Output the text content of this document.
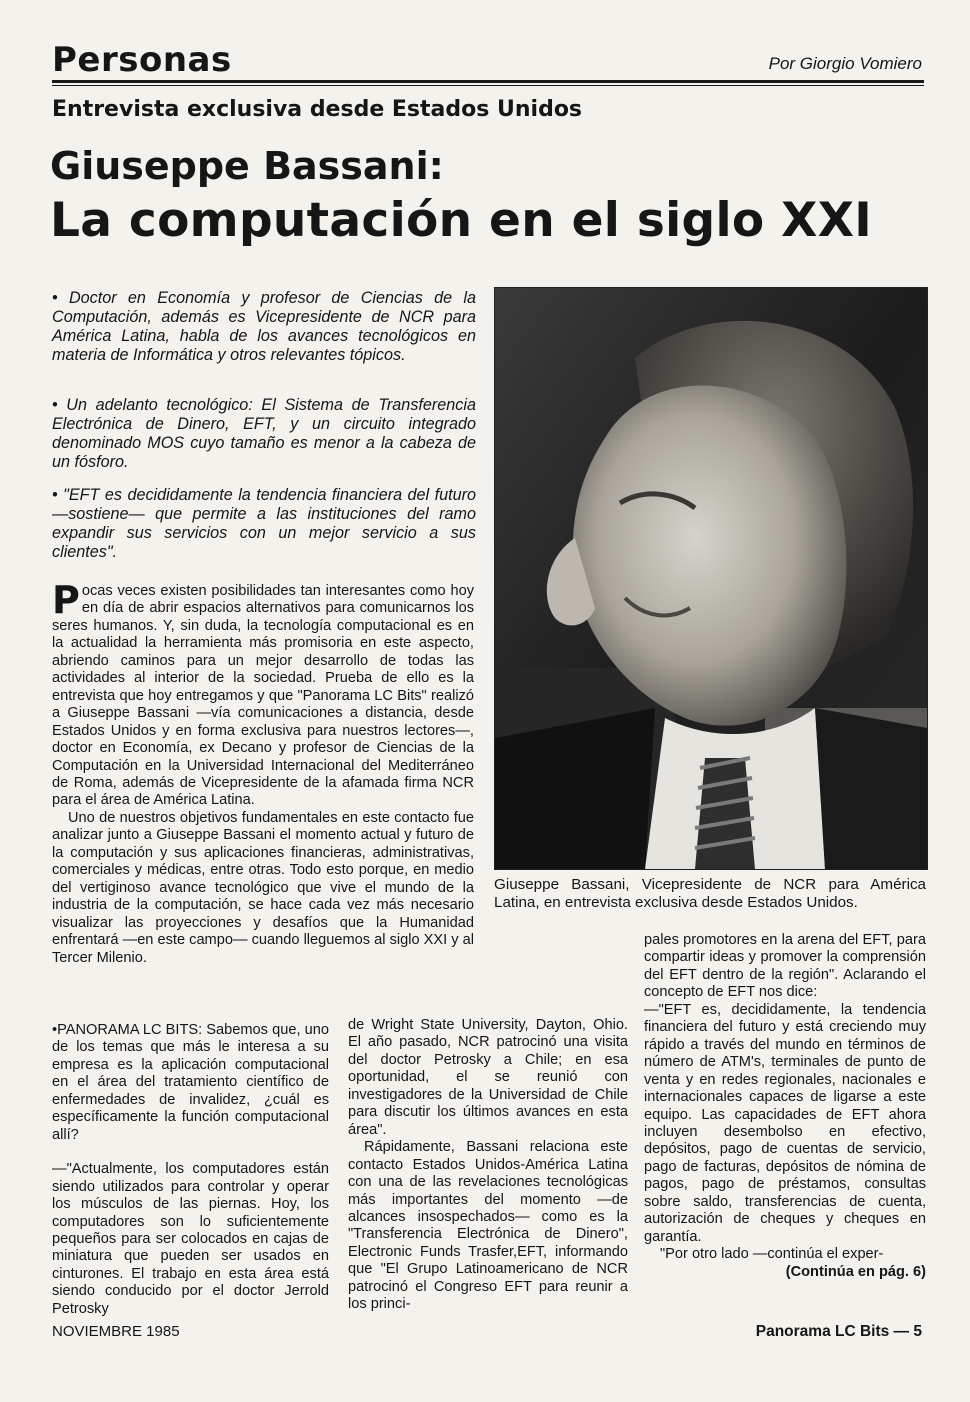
Personas	Por Giorgio Vomiero
Entrevista exclusiva desde Estados Unidos
Giuseppe Bassani:
La computación en el siglo XXI

• Doctor en Economía y profesor de Ciencias de la Computación, además es Vicepresidente de NCR para América Latina, habla de los avances tecnológicos en materia de Informática y otros relevantes tópicos.

• Un adelanto tecnológico: El Sistema de Transferencia Electrónica de Dinero, EFT, y un circuito integrado denominado MOS cuyo tamaño es menor a la cabeza de un fósforo.

• "EFT es decididamente la tendencia financiera del futuro —sostiene— que permite a las instituciones del ramo expandir sus servicios con un mejor servicio a sus clientes".

Pocas veces existen posibilidades tan interesantes como hoy en día de abrir espacios alternativos para comunicarnos los seres humanos. Y, sin duda, la tecnología computacional es en la actualidad la herramienta más promisoria en este aspecto, abriendo caminos para un mejor desarrollo de todas las actividades al interior de la sociedad. Prueba de ello es la entrevista que hoy entregamos y que "Panorama LC Bits" realizó a Giuseppe Bassani —vía comunicaciones a distancia, desde Estados Unidos y en forma exclusiva para nuestros lectores—, doctor en Economía, ex Decano y profesor de Ciencias de la Computación en la Universidad Internacional del Mediterráneo de Roma, además de Vicepresidente de la afamada firma NCR para el área de América Latina.

Uno de nuestros objetivos fundamentales en este contacto fue analizar junto a Giuseppe Bassani el momento actual y futuro de la computación y sus aplicaciones financieras, administrativas, comerciales y médicas, entre otras. Todo esto porque, en medio del vertiginoso avance tecnológico que vive el mundo de la industria de la computación, se hace cada vez más necesario visualizar las proyecciones y desafíos que la Humanidad enfrentará —en este campo— cuando lleguemos al siglo XXI y al Tercer Milenio.

Giuseppe Bassani, Vicepresidente de NCR para América Latina, en entrevista exclusiva desde Estados Unidos.

•PANORAMA LC BITS: Sabemos que, uno de los temas que más le interesa a su empresa es la aplicación computacional en el área del tratamiento científico de enfermedades de invalidez, ¿cuál es específicamente la función computacional allí?

—"Actualmente, los computadores están siendo utilizados para controlar y operar los músculos de las piernas. Hoy, los computadores son lo suficientemente pequeños para ser colocados en cajas de miniatura que pueden ser usados en cinturones. El trabajo en esta área está siendo conducido por el doctor Jerrold Petrosky

de Wright State University, Dayton, Ohio. El año pasado, NCR patrocinó una visita del doctor Petrosky a Chile; en esa oportunidad, el se reunió con investigadores de la Universidad de Chile para discutir los últimos avances en esta área".

Rápidamente, Bassani relaciona este contacto Estados Unidos-América Latina con una de las revelaciones tecnológicas más importantes del momento —de alcances insospechados— como es la "Transferencia Electrónica de Dinero", Electronic Funds Trasfer,EFT, informando que "El Grupo Latinoamericano de NCR patrocinó el Congreso EFT para reunir a los princi-

pales promotores en la arena del EFT, para compartir ideas y promover la comprensión del EFT dentro de la región". Aclarando el concepto de EFT nos dice:

—"EFT es, decididamente, la tendencia financiera del futuro y está creciendo muy rápido a través del mundo en términos de número de ATM's, terminales de punto de venta y en redes regionales, nacionales e internacionales capaces de ligarse a este equipo. Las capacidades de EFT ahora incluyen desembolso en efectivo, depósitos, pago de cuentas de servicio, pago de facturas, depósitos de nómina de pagos, pago de préstamos, consultas sobre saldo, transferencias de cuenta, autorización de cheques y cheques en garantía.

"Por otro lado —continúa el exper-

(Continúa en pág. 6)

NOVIEMBRE 1985	Panorama LC Bits — 5
